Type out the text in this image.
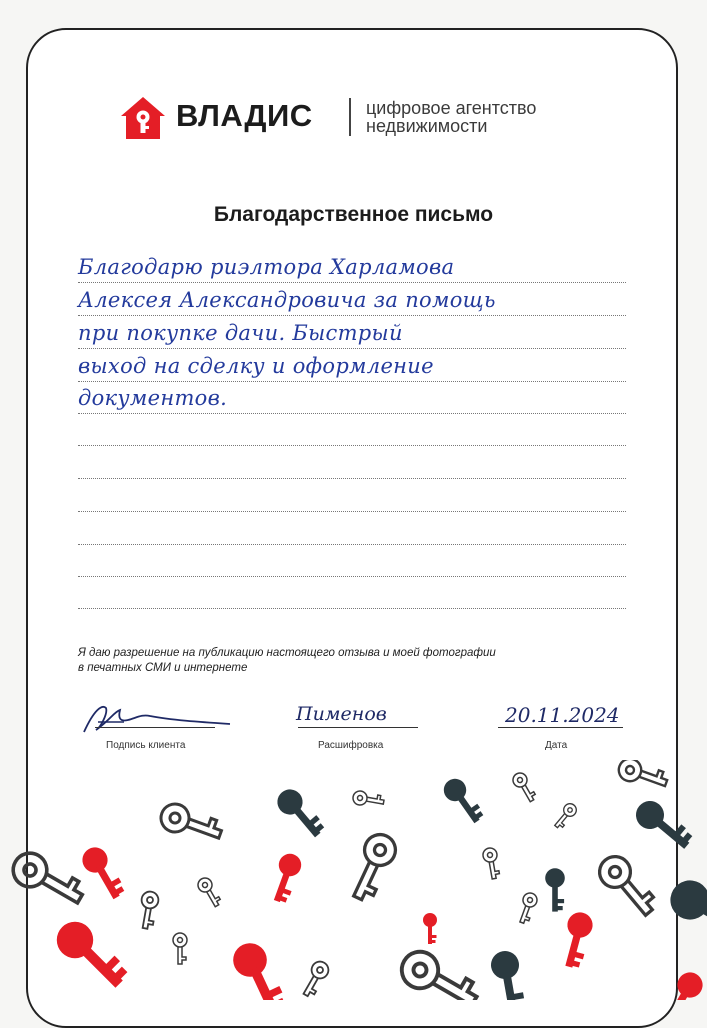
ВЛАДИС	цифровое агентство
недвижимости
Благодарственное письмо
Благодарю риэлтора Харламова
Алексея Александровича за помощь
при покупке дачи. Быстрый
выход на сделку и оформление
документов.
Я даю разрешение на публикацию настоящего отзыва и моей фотографии
в печатных СМИ и интернете
Подпись клиента
Пименов
Расшифровка
20.11.2024
Дата
